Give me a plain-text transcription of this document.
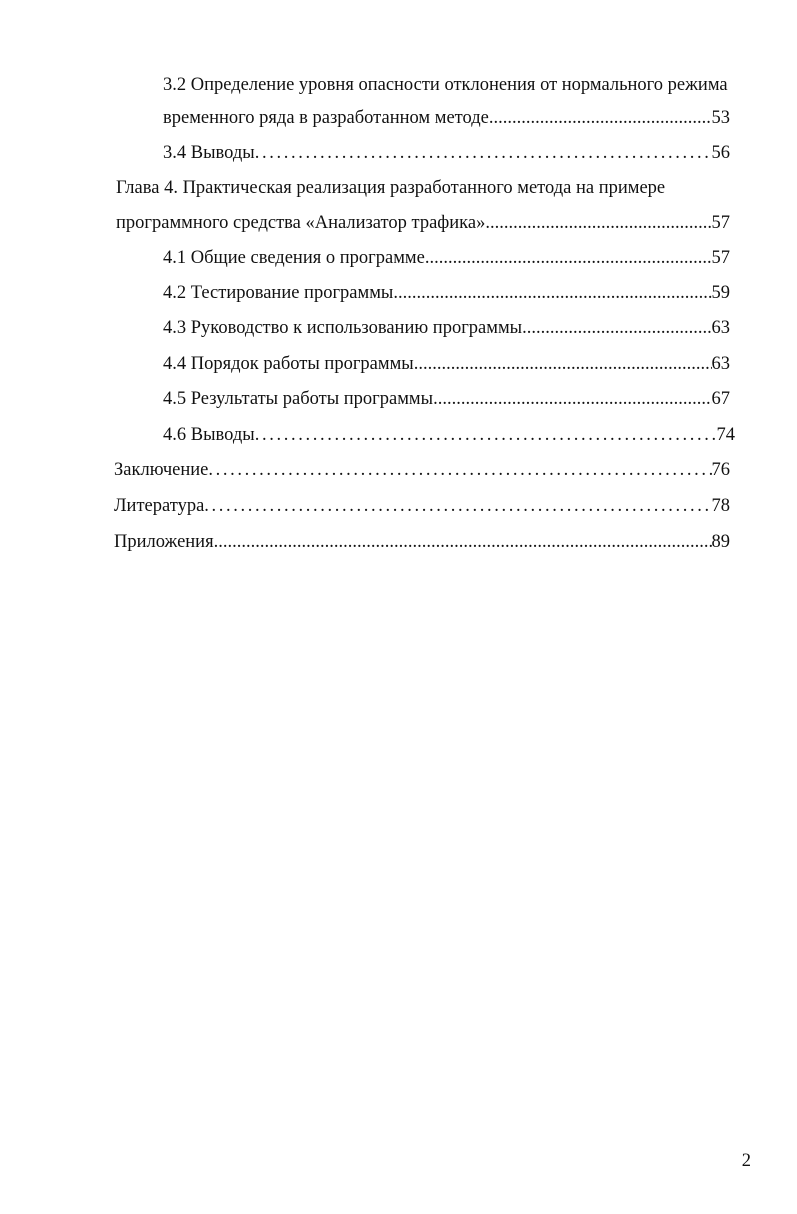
3.2 Определение уровня опасности отклонения от нормального режима
временного ряда в разработанном методе .....	53
3.4 Выводы . . .	56
Глава 4. Практическая реализация разработанного метода на примере
программного средства «Анализатор трафика» .....	57
4.1 Общие сведения о программе .....	57
4.2 Тестирование программы .....	59
4.3 Руководство к использованию программы .....	63
4.4 Порядок работы программы .....	63
4.5 Результаты работы программы .....	67
4.6 Выводы . . .	74
Заключение . . .	76
Литература . . .	78
Приложения .....	89
2
